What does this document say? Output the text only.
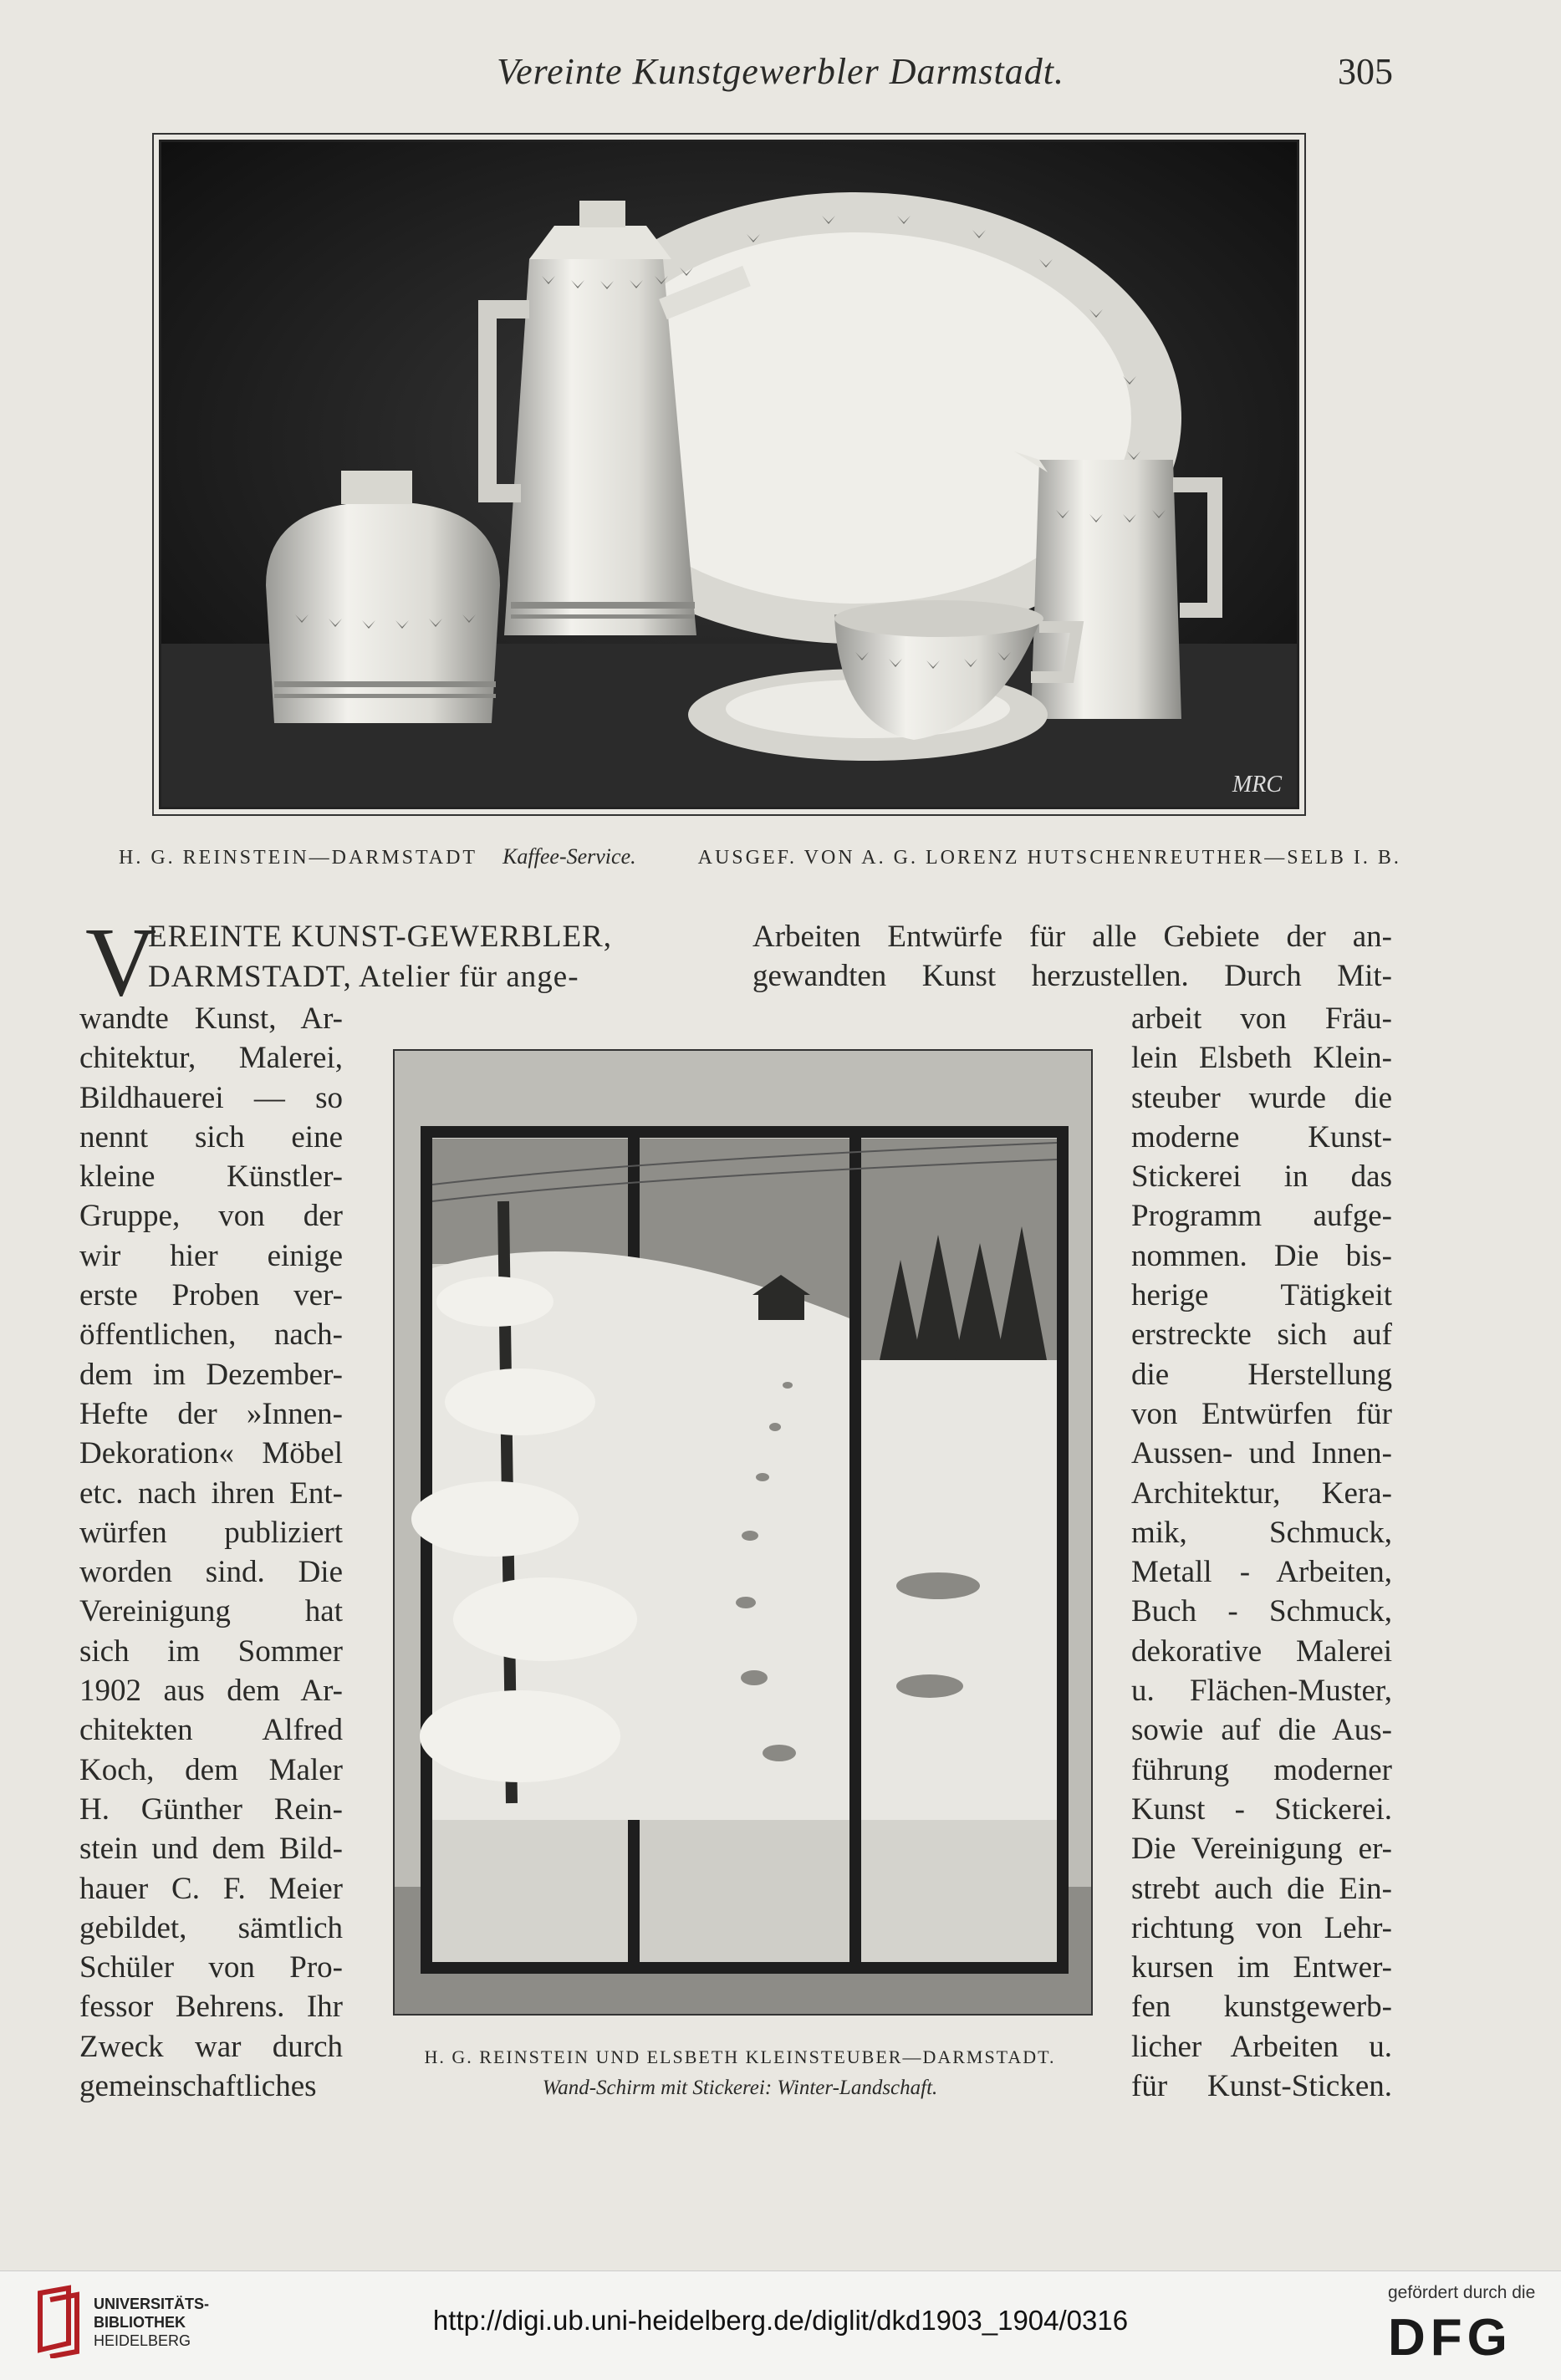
Vereinte Kunstgewerbler Darmstadt.	305
MRC
H. G. REINSTEIN—DARMSTADT Kaffee-Service.	AUSGEF. VON A. G. LORENZ HUTSCHENREUTHER—SELB I. B.
V
EREINTE KUNST-GEWERBLER,
DARMSTADT, Atelier für ange-
Arbeiten Entwürfe für alle Gebiete der an-
gewandten Kunst herzustellen. Durch Mit-
wandte Kunst, Ar-
chitektur, Malerei,
Bildhauerei — so
nennt sich eine
kleine Künstler-
Gruppe, von der
wir hier einige
erste Proben ver-
öffentlichen, nach-
dem im Dezember-
Hefte der »Innen-
Dekoration« Möbel
etc. nach ihren Ent-
würfen publiziert
worden sind. Die
Vereinigung hat
sich im Sommer
1902 aus dem Ar-
chitekten Alfred
Koch, dem Maler
H. Günther Rein-
stein und dem Bild-
hauer C. F. Meier
gebildet, sämtlich
Schüler von Pro-
fessor Behrens. Ihr
Zweck war durch
gemeinschaftliches
arbeit von Fräu-
lein Elsbeth Klein-
steuber wurde die
moderne Kunst-
Stickerei in das
Programm aufge-
nommen. Die bis-
herige Tätigkeit
erstreckte sich auf
die Herstellung
von Entwürfen für
Aussen- und Innen-
Architektur, Kera-
mik, Schmuck,
Metall - Arbeiten,
Buch - Schmuck,
dekorative Malerei
u. Flächen-Muster,
sowie auf die Aus-
führung moderner
Kunst - Stickerei.
Die Vereinigung er-
strebt auch die Ein-
richtung von Lehr-
kursen im Entwer-
fen kunstgewerb-
licher Arbeiten u.
für Kunst-Sticken.
H. G. REINSTEIN UND ELSBETH KLEINSTEUBER—DARMSTADT.
Wand-Schirm mit Stickerei: Winter-Landschaft.
UNIVERSITÄTS-
BIBLIOTHEK
HEIDELBERG
http://digi.ub.uni-heidelberg.de/diglit/dkd1903_1904/0316
gefördert durch die
DFG
